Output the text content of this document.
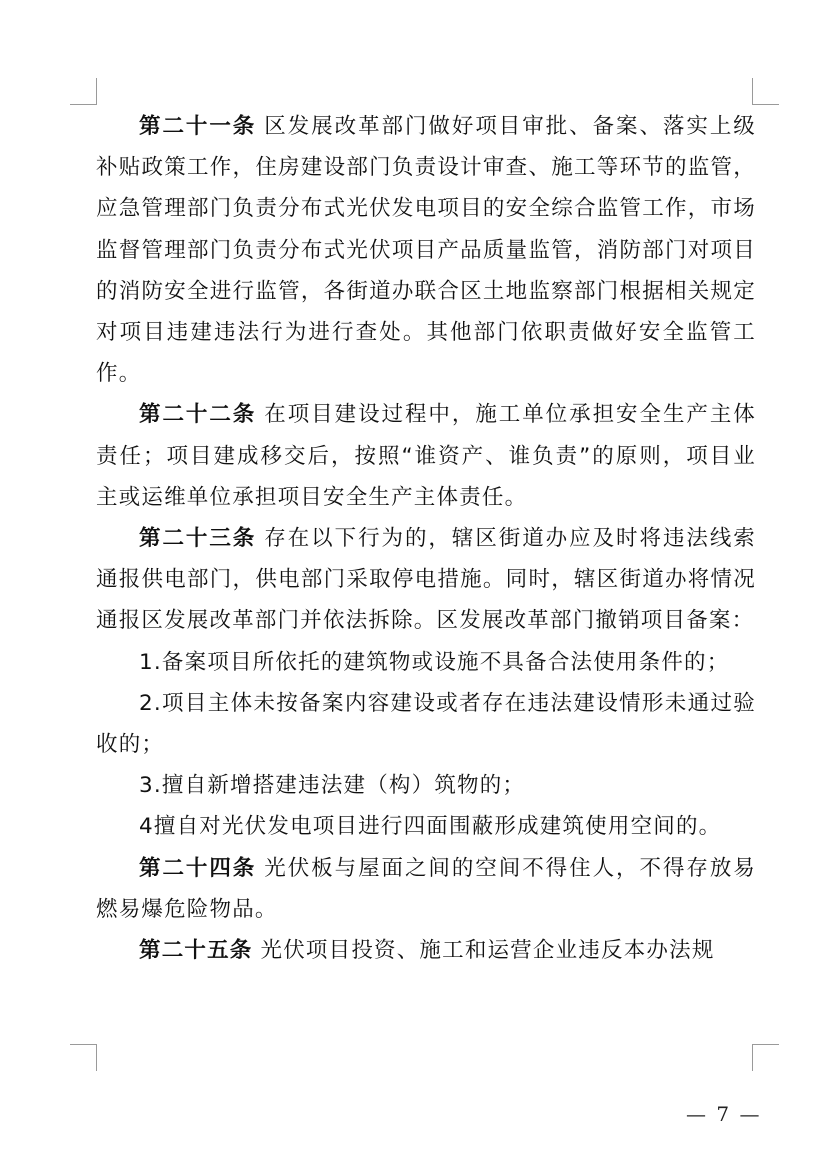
第二十一条 区发展改革部门做好项目审批、备案、落实上级补贴政策工作，住房建设部门负责设计审查、施工等环节的监管，应急管理部门负责分布式光伏发电项目的安全综合监管工作，市场监督管理部门负责分布式光伏项目产品质量监管，消防部门对项目的消防安全进行监管，各街道办联合区土地监察部门根据相关规定对项目违建违法行为进行查处。其他部门依职责做好安全监管工作。

第二十二条 在项目建设过程中，施工单位承担安全生产主体责任；项目建成移交后，按照“谁资产、谁负责”的原则，项目业主或运维单位承担项目安全生产主体责任。

第二十三条 存在以下行为的，辖区街道办应及时将违法线索通报供电部门，供电部门采取停电措施。同时，辖区街道办将情况通报区发展改革部门并依法拆除。区发展改革部门撤销项目备案：

1.备案项目所依托的建筑物或设施不具备合法使用条件的；

2.项目主体未按备案内容建设或者存在违法建设情形未通过验收的；

3.擅自新增搭建违法建（构）筑物的；

4擅自对光伏发电项目进行四面围蔽形成建筑使用空间的。

第二十四条 光伏板与屋面之间的空间不得住人，不得存放易燃易爆危险物品。

第二十五条 光伏项目投资、施工和运营企业违反本办法规

— 7 —
